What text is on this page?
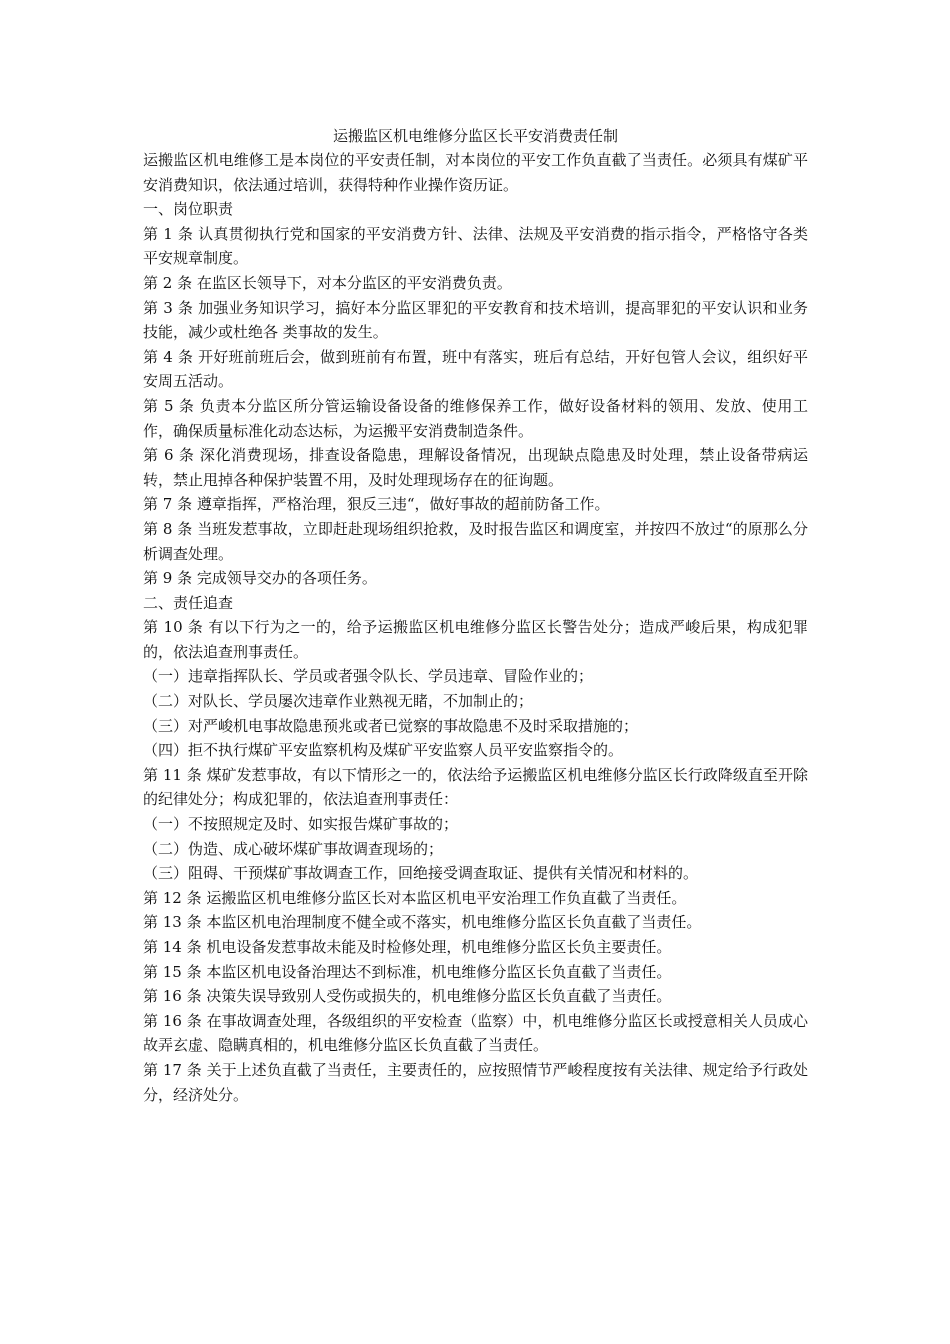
运搬监区机电维修分监区长平安消费责任制

运搬监区机电维修工是本岗位的平安责任制，对本岗位的平安工作负直截了当责任。必须具有煤矿平安消费知识，依法通过培训，获得特种作业操作资历证。

一、岗位职责

第 1 条 认真贯彻执行党和国家的平安消费方针、法律、法规及平安消费的指示指令，严格恪守各类平安规章制度。

第 2 条 在监区长领导下，对本分监区的平安消费负责。

第 3 条 加强业务知识学习，搞好本分监区罪犯的平安教育和技术培训，提高罪犯的平安认识和业务技能，减少或杜绝各 类事故的发生。

第 4 条 开好班前班后会，做到班前有布置，班中有落实，班后有总结，开好包管人会议，组织好平安周五活动。

第 5 条 负责本分监区所分管运输设备设备的维修保养工作，做好设备材料的领用、发放、使用工作，确保质量标准化动态达标，为运搬平安消费制造条件。

第 6 条 深化消费现场，排查设备隐患，理解设备情况，出现缺点隐患及时处理，禁止设备带病运转，禁止甩掉各种保护装置不用，及时处理现场存在的征询题。

第 7 条 遵章指挥，严格治理，狠反三违“，做好事故的超前防备工作。

第 8 条 当班发惹事故，立即赶赴现场组织抢救，及时报告监区和调度室，并按四不放过“的原那么分析调查处理。

第 9 条 完成领导交办的各项任务。

二、责任追查

第 10 条 有以下行为之一的，给予运搬监区机电维修分监区长警告处分；造成严峻后果，构成犯罪的，依法追查刑事责任。

（一）违章指挥队长、学员或者强令队长、学员违章、冒险作业的；

（二）对队长、学员屡次违章作业熟视无睹，不加制止的；

（三）对严峻机电事故隐患预兆或者已觉察的事故隐患不及时采取措施的；

（四）拒不执行煤矿平安监察机构及煤矿平安监察人员平安监察指令的。

第 11 条 煤矿发惹事故，有以下情形之一的，依法给予运搬监区机电维修分监区长行政降级直至开除的纪律处分；构成犯罪的，依法追查刑事责任：

（一）不按照规定及时、如实报告煤矿事故的；

（二）伪造、成心破坏煤矿事故调查现场的；

（三）阻碍、干预煤矿事故调查工作，回绝接受调查取证、提供有关情况和材料的。

第 12 条 运搬监区机电维修分监区长对本监区机电平安治理工作负直截了当责任。

第 13 条 本监区机电治理制度不健全或不落实，机电维修分监区长负直截了当责任。

第 14 条 机电设备发惹事故未能及时检修处理，机电维修分监区长负主要责任。

第 15 条 本监区机电设备治理达不到标准，机电维修分监区长负直截了当责任。

第 16 条 决策失误导致别人受伤或损失的，机电维修分监区长负直截了当责任。

第 16 条 在事故调查处理，各级组织的平安检查（监察）中，机电维修分监区长或授意相关人员成心故弄玄虚、隐瞒真相的，机电维修分监区长负直截了当责任。

第 17 条 关于上述负直截了当责任，主要责任的，应按照情节严峻程度按有关法律、规定给予行政处分，经济处分。
